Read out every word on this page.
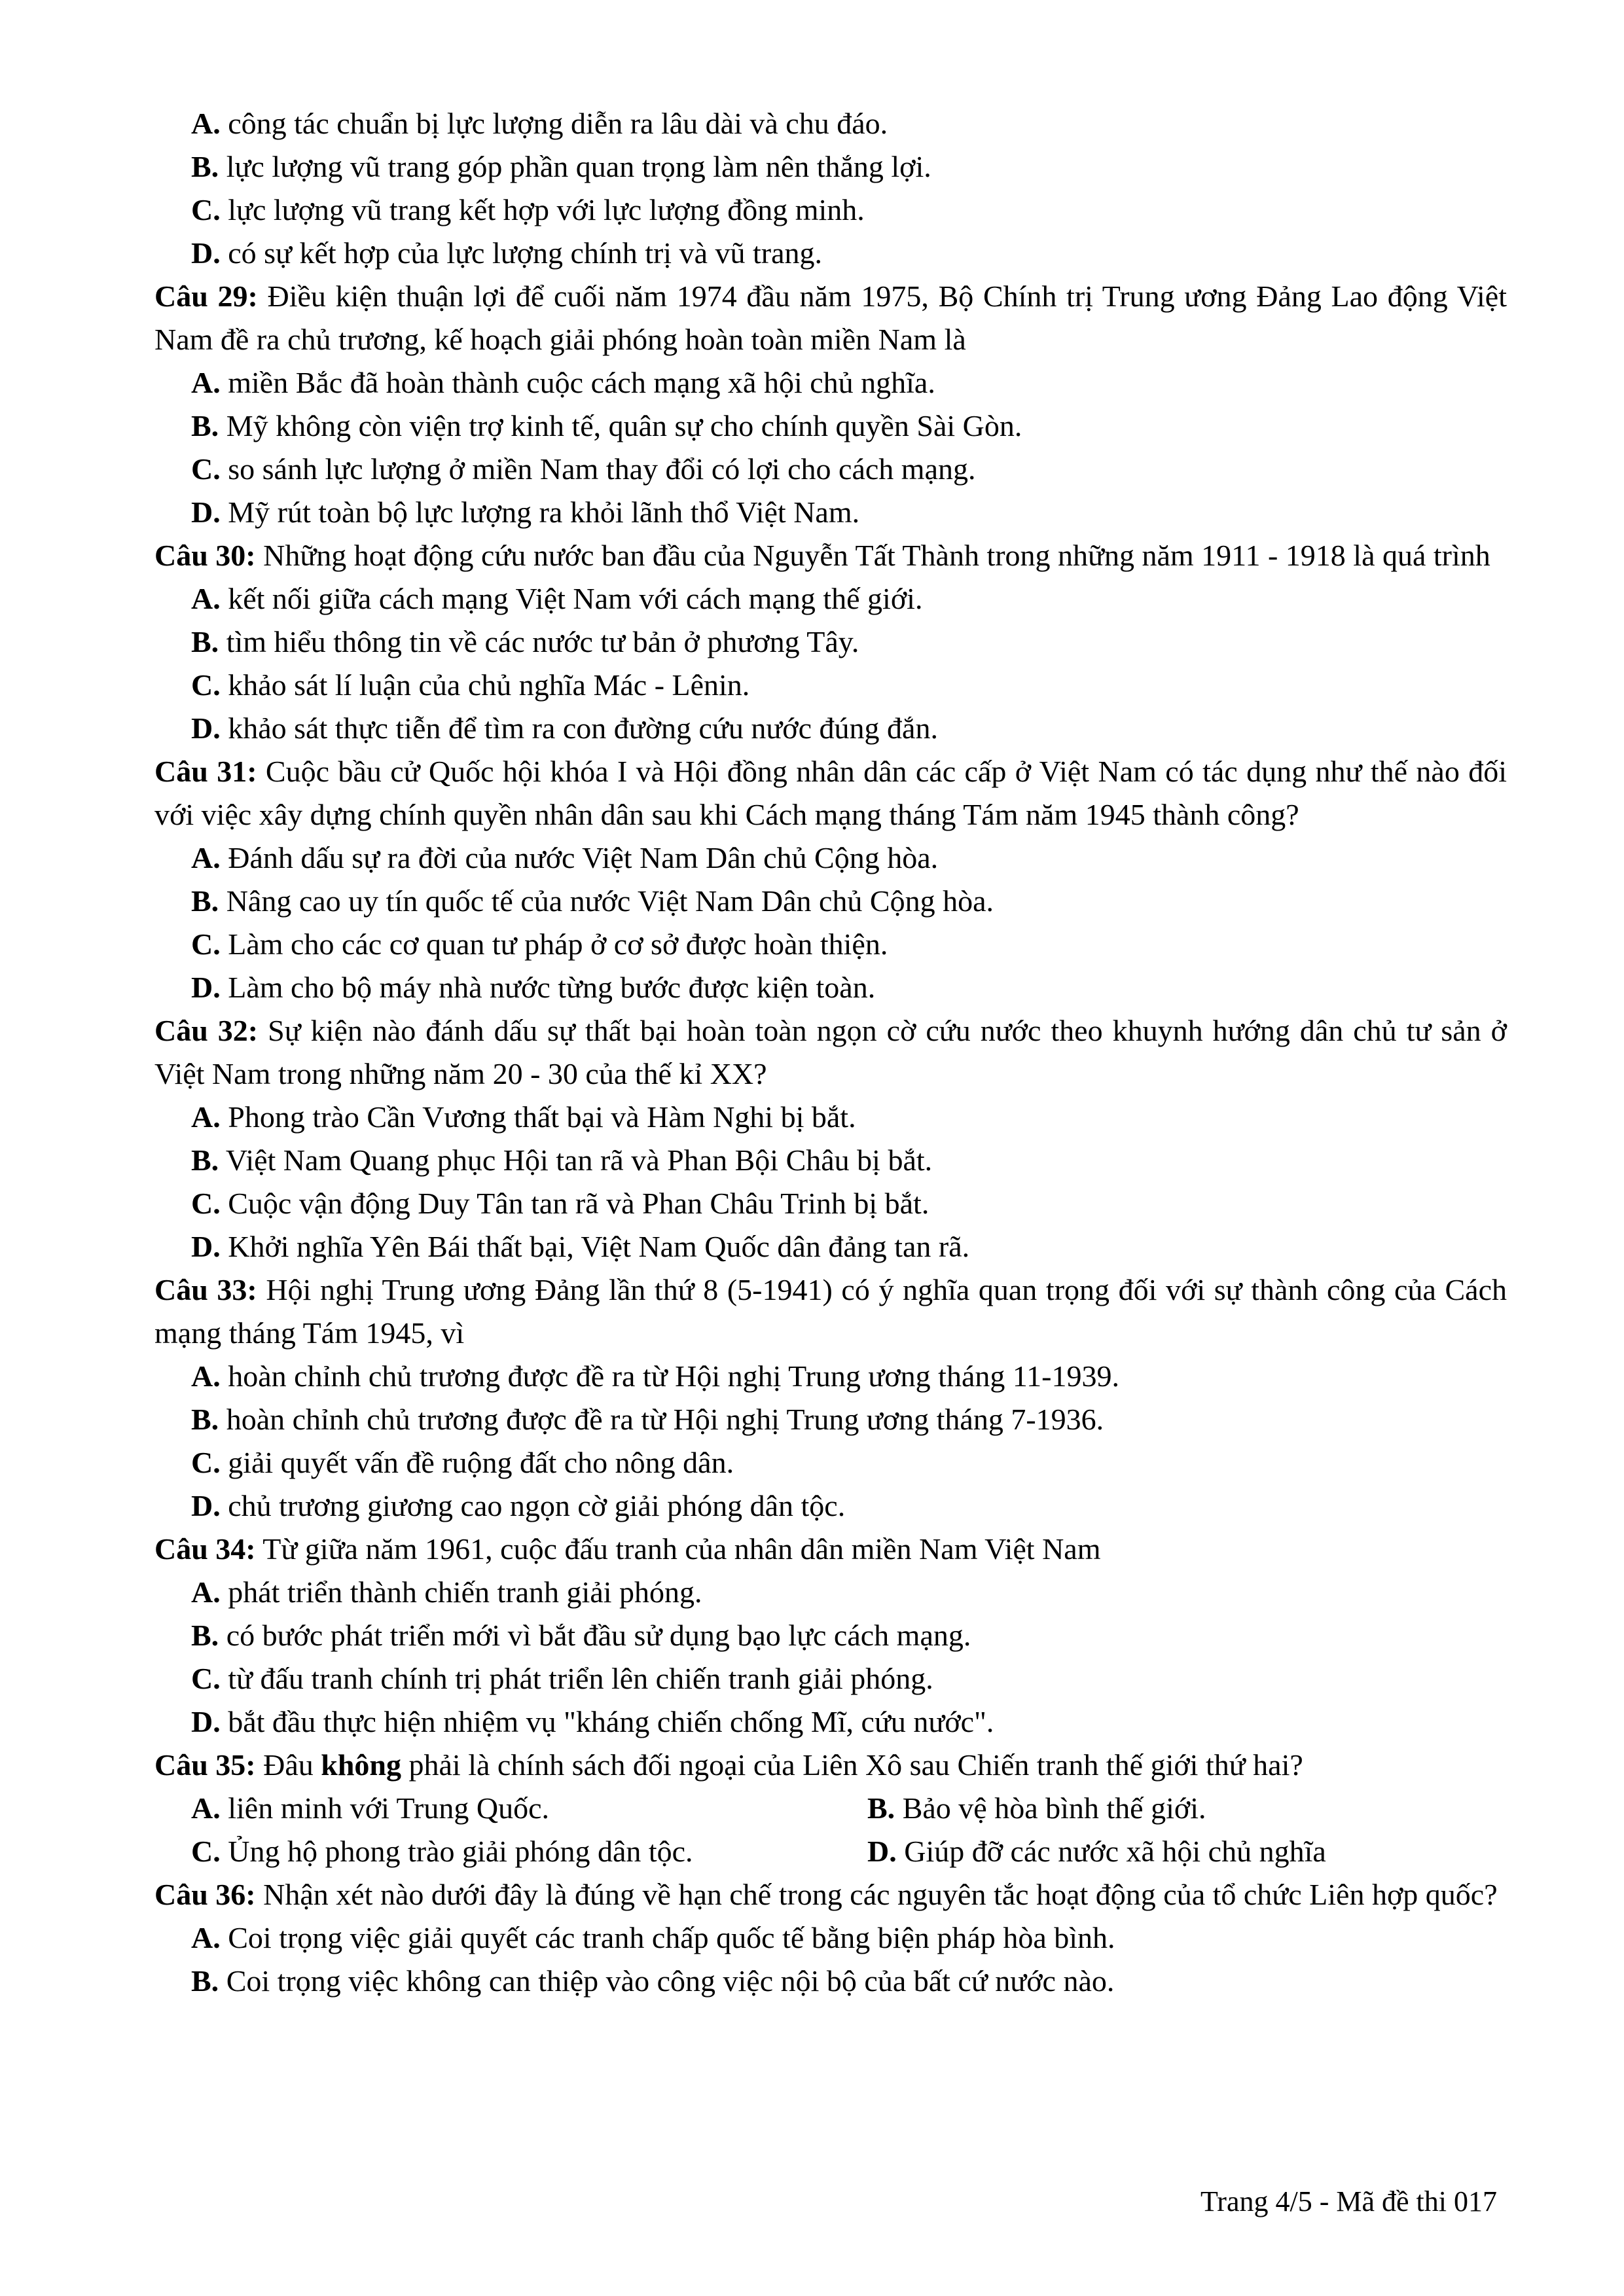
A. công tác chuẩn bị lực lượng diễn ra lâu dài và chu đáo.
B. lực lượng vũ trang góp phần quan trọng làm nên thắng lợi.
C. lực lượng vũ trang kết hợp với lực lượng đồng minh.
D. có sự kết hợp của lực lượng chính trị và vũ trang.

Câu 29: Điều kiện thuận lợi để cuối năm 1974 đầu năm 1975, Bộ Chính trị Trung ương Đảng Lao động Việt Nam đề ra chủ trương, kế hoạch giải phóng hoàn toàn miền Nam là

A. miền Bắc đã hoàn thành cuộc cách mạng xã hội chủ nghĩa.
B. Mỹ không còn viện trợ kinh tế, quân sự cho chính quyền Sài Gòn.
C. so sánh lực lượng ở miền Nam thay đổi có lợi cho cách mạng.
D. Mỹ rút toàn bộ lực lượng ra khỏi lãnh thổ Việt Nam.

Câu 30: Những hoạt động cứu nước ban đầu của Nguyễn Tất Thành trong những năm 1911 - 1918 là quá trình

A. kết nối giữa cách mạng Việt Nam với cách mạng thế giới.
B. tìm hiểu thông tin về các nước tư bản ở phương Tây.
C. khảo sát lí luận của chủ nghĩa Mác - Lênin.
D. khảo sát thực tiễn để tìm ra con đường cứu nước đúng đắn.

Câu 31: Cuộc bầu cử Quốc hội khóa I và Hội đồng nhân dân các cấp ở Việt Nam có tác dụng như thế nào đối với việc xây dựng chính quyền nhân dân sau khi Cách mạng tháng Tám năm 1945 thành công?

A. Đánh dấu sự ra đời của nước Việt Nam Dân chủ Cộng hòa.
B. Nâng cao uy tín quốc tế của nước Việt Nam Dân chủ Cộng hòa.
C. Làm cho các cơ quan tư pháp ở cơ sở được hoàn thiện.
D. Làm cho bộ máy nhà nước từng bước được kiện toàn.

Câu 32: Sự kiện nào đánh dấu sự thất bại hoàn toàn ngọn cờ cứu nước theo khuynh hướng dân chủ tư sản ở Việt Nam trong những năm 20 - 30 của thế kỉ XX?

A. Phong trào Cần Vương thất bại và Hàm Nghi bị bắt.
B. Việt Nam Quang phục Hội tan rã và Phan Bội Châu bị bắt.
C. Cuộc vận động Duy Tân tan rã và Phan Châu Trinh bị bắt.
D. Khởi nghĩa Yên Bái thất bại, Việt Nam Quốc dân đảng tan rã.

Câu 33: Hội nghị Trung ương Đảng lần thứ 8 (5-1941) có ý nghĩa quan trọng đối với sự thành công của Cách mạng tháng Tám 1945, vì

A. hoàn chỉnh chủ trương được đề ra từ Hội nghị Trung ương tháng 11-1939.
B. hoàn chỉnh chủ trương được đề ra từ Hội nghị Trung ương tháng 7-1936.
C. giải quyết vấn đề ruộng đất cho nông dân.
D. chủ trương giương cao ngọn cờ giải phóng dân tộc.

Câu 34: Từ giữa năm 1961, cuộc đấu tranh của nhân dân miền Nam Việt Nam

A. phát triển thành chiến tranh giải phóng.
B. có bước phát triển mới vì bắt đầu sử dụng bạo lực cách mạng.
C. từ đấu tranh chính trị phát triển lên chiến tranh giải phóng.
D. bắt đầu thực hiện nhiệm vụ "kháng chiến chống Mĩ, cứu nước".

Câu 35: Đâu không phải là chính sách đối ngoại của Liên Xô sau Chiến tranh thế giới thứ hai?

A. liên minh với Trung Quốc.	B. Bảo vệ hòa bình thế giới.
C. Ủng hộ phong trào giải phóng dân tộc.	D. Giúp đỡ các nước xã hội chủ nghĩa

Câu 36: Nhận xét nào dưới đây là đúng về hạn chế trong các nguyên tắc hoạt động của tổ chức Liên hợp quốc?

A. Coi trọng việc giải quyết các tranh chấp quốc tế bằng biện pháp hòa bình.
B. Coi trọng việc không can thiệp vào công việc nội bộ của bất cứ nước nào.
Trang 4/5 - Mã đề thi 017
